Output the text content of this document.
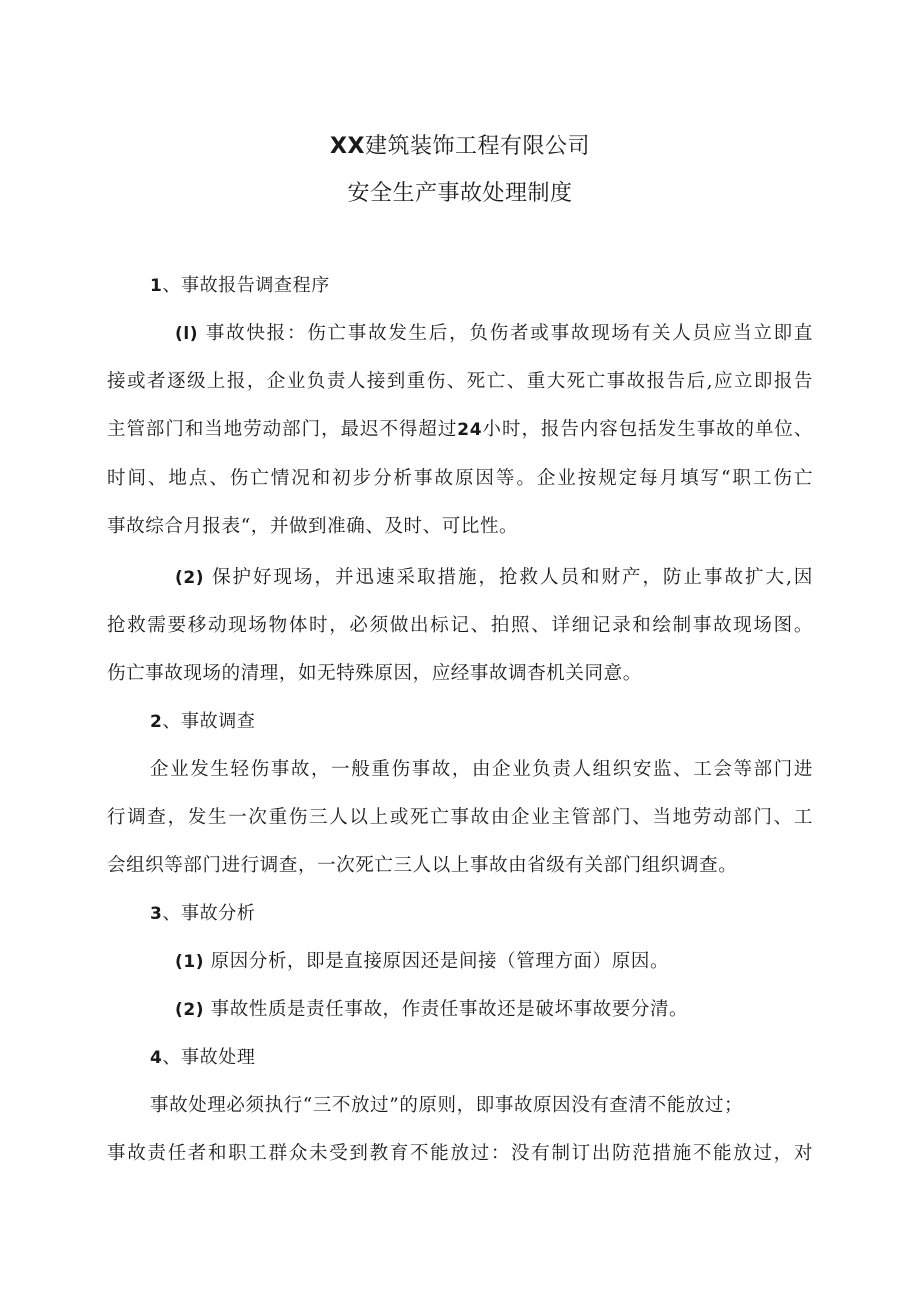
XX建筑装饰工程有限公司
安全生产事故处理制度
1、事故报告调查程序
(l) 事故快报：伤亡事故发生后，负伤者或事故现场有关人员应当立即直
接或者逐级上报，企业负责人接到重伤、死亡、重大死亡事故报告后,应立即报告
主管部门和当地劳动部门，最迟不得超过24小时，报告内容包括发生事故的单位、
时间、地点、伤亡情况和初步分析事故原因等。企业按规定每月填写“职工伤亡
事故综合月报表“，并做到准确、及时、可比性。
(2) 保护好现场，并迅速采取措施，抢救人员和财产，防止事故扩大,因
抢救需要移动现场物体时，必须做出标记、拍照、详细记录和绘制事故现场图。
伤亡事故现场的清理，如无特殊原因，应经事故调杳机关同意。
2、事故调查
企业发生轻伤事故，一般重伤事故，由企业负责人组织安监、工会等部门进
行调查，发生一次重伤三人以上或死亡事故由企业主管部门、当地劳动部门、工
会组织等部门进行调查，一次死亡三人以上事故由省级有关部门组织调查。
3、事故分析
(1) 原因分析，即是直接原因还是间接（管理方面）原因。
(2) 事故性质是责任事故，作责任事故还是破坏事故要分清。
4、事故处理
事故处理必须执行“三不放过”的原则，即事故原因没有查清不能放过；
事故责任者和职工群众未受到教育不能放过：没有制订出防范措施不能放过，对
